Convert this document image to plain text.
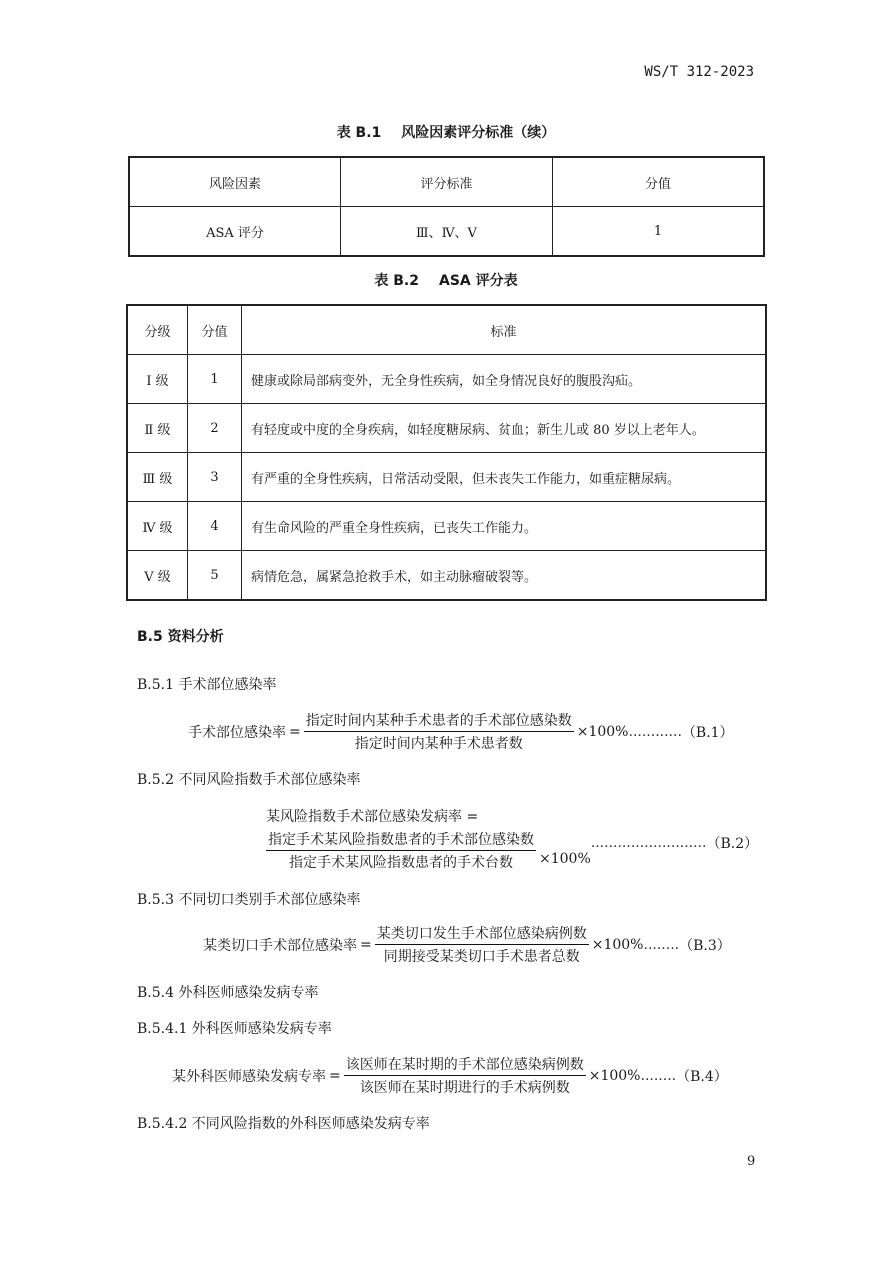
WS/T 312-2023
表 B.1 风险因素评分标准（续）
风险因素	评分标准	分值
ASA 评分	Ⅲ、Ⅳ、Ⅴ	1
表 B.2 ASA 评分表
分级	分值	标准
Ⅰ 级	1	健康或除局部病变外，无全身性疾病，如全身情况良好的腹股沟疝。
Ⅱ 级	2	有轻度或中度的全身疾病，如轻度糖尿病、贫血；新生儿或 80 岁以上老年人。
Ⅲ 级	3	有严重的全身性疾病，日常活动受限，但未丧失工作能力，如重症糖尿病。
Ⅳ 级	4	有生命风险的严重全身性疾病，已丧失工作能力。
Ⅴ 级	5	病情危急，属紧急抢救手术，如主动脉瘤破裂等。
B.5 资料分析
B.5.1 手术部位感染率
手术部位感染率 = $\frac{\text{指定时间内某种手术患者的手术部位感染数}}{\text{指定时间内某种手术患者数}} \times 100\%$ ............ （B.1）
B.5.2 不同风险指数手术部位感染率
某风险指数手术部位感染发病率 =
$\frac{\text{指定手术某风险指数患者的手术部位感染数}}{\text{指定手术某风险指数患者的手术台数}} \times 100\%$
.......................... （B.2）
B.5.3 不同切口类别手术部位感染率
某类切口手术部位感染率 = $\frac{\text{某类切口发生手术部位感染病例数}}{\text{同期接受某类切口手术患者总数}} \times 100\%$ ........ （B.3）
B.5.4 外科医师感染发病专率
B.5.4.1 外科医师感染发病专率
某外科医师感染发病专率 = $\frac{\text{该医师在某时期的手术部位感染病例数}}{\text{该医师在某时期进行的手术病例数}} \times 100\%$ ........ （B.4）
B.5.4.2 不同风险指数的外科医师感染发病专率
9
